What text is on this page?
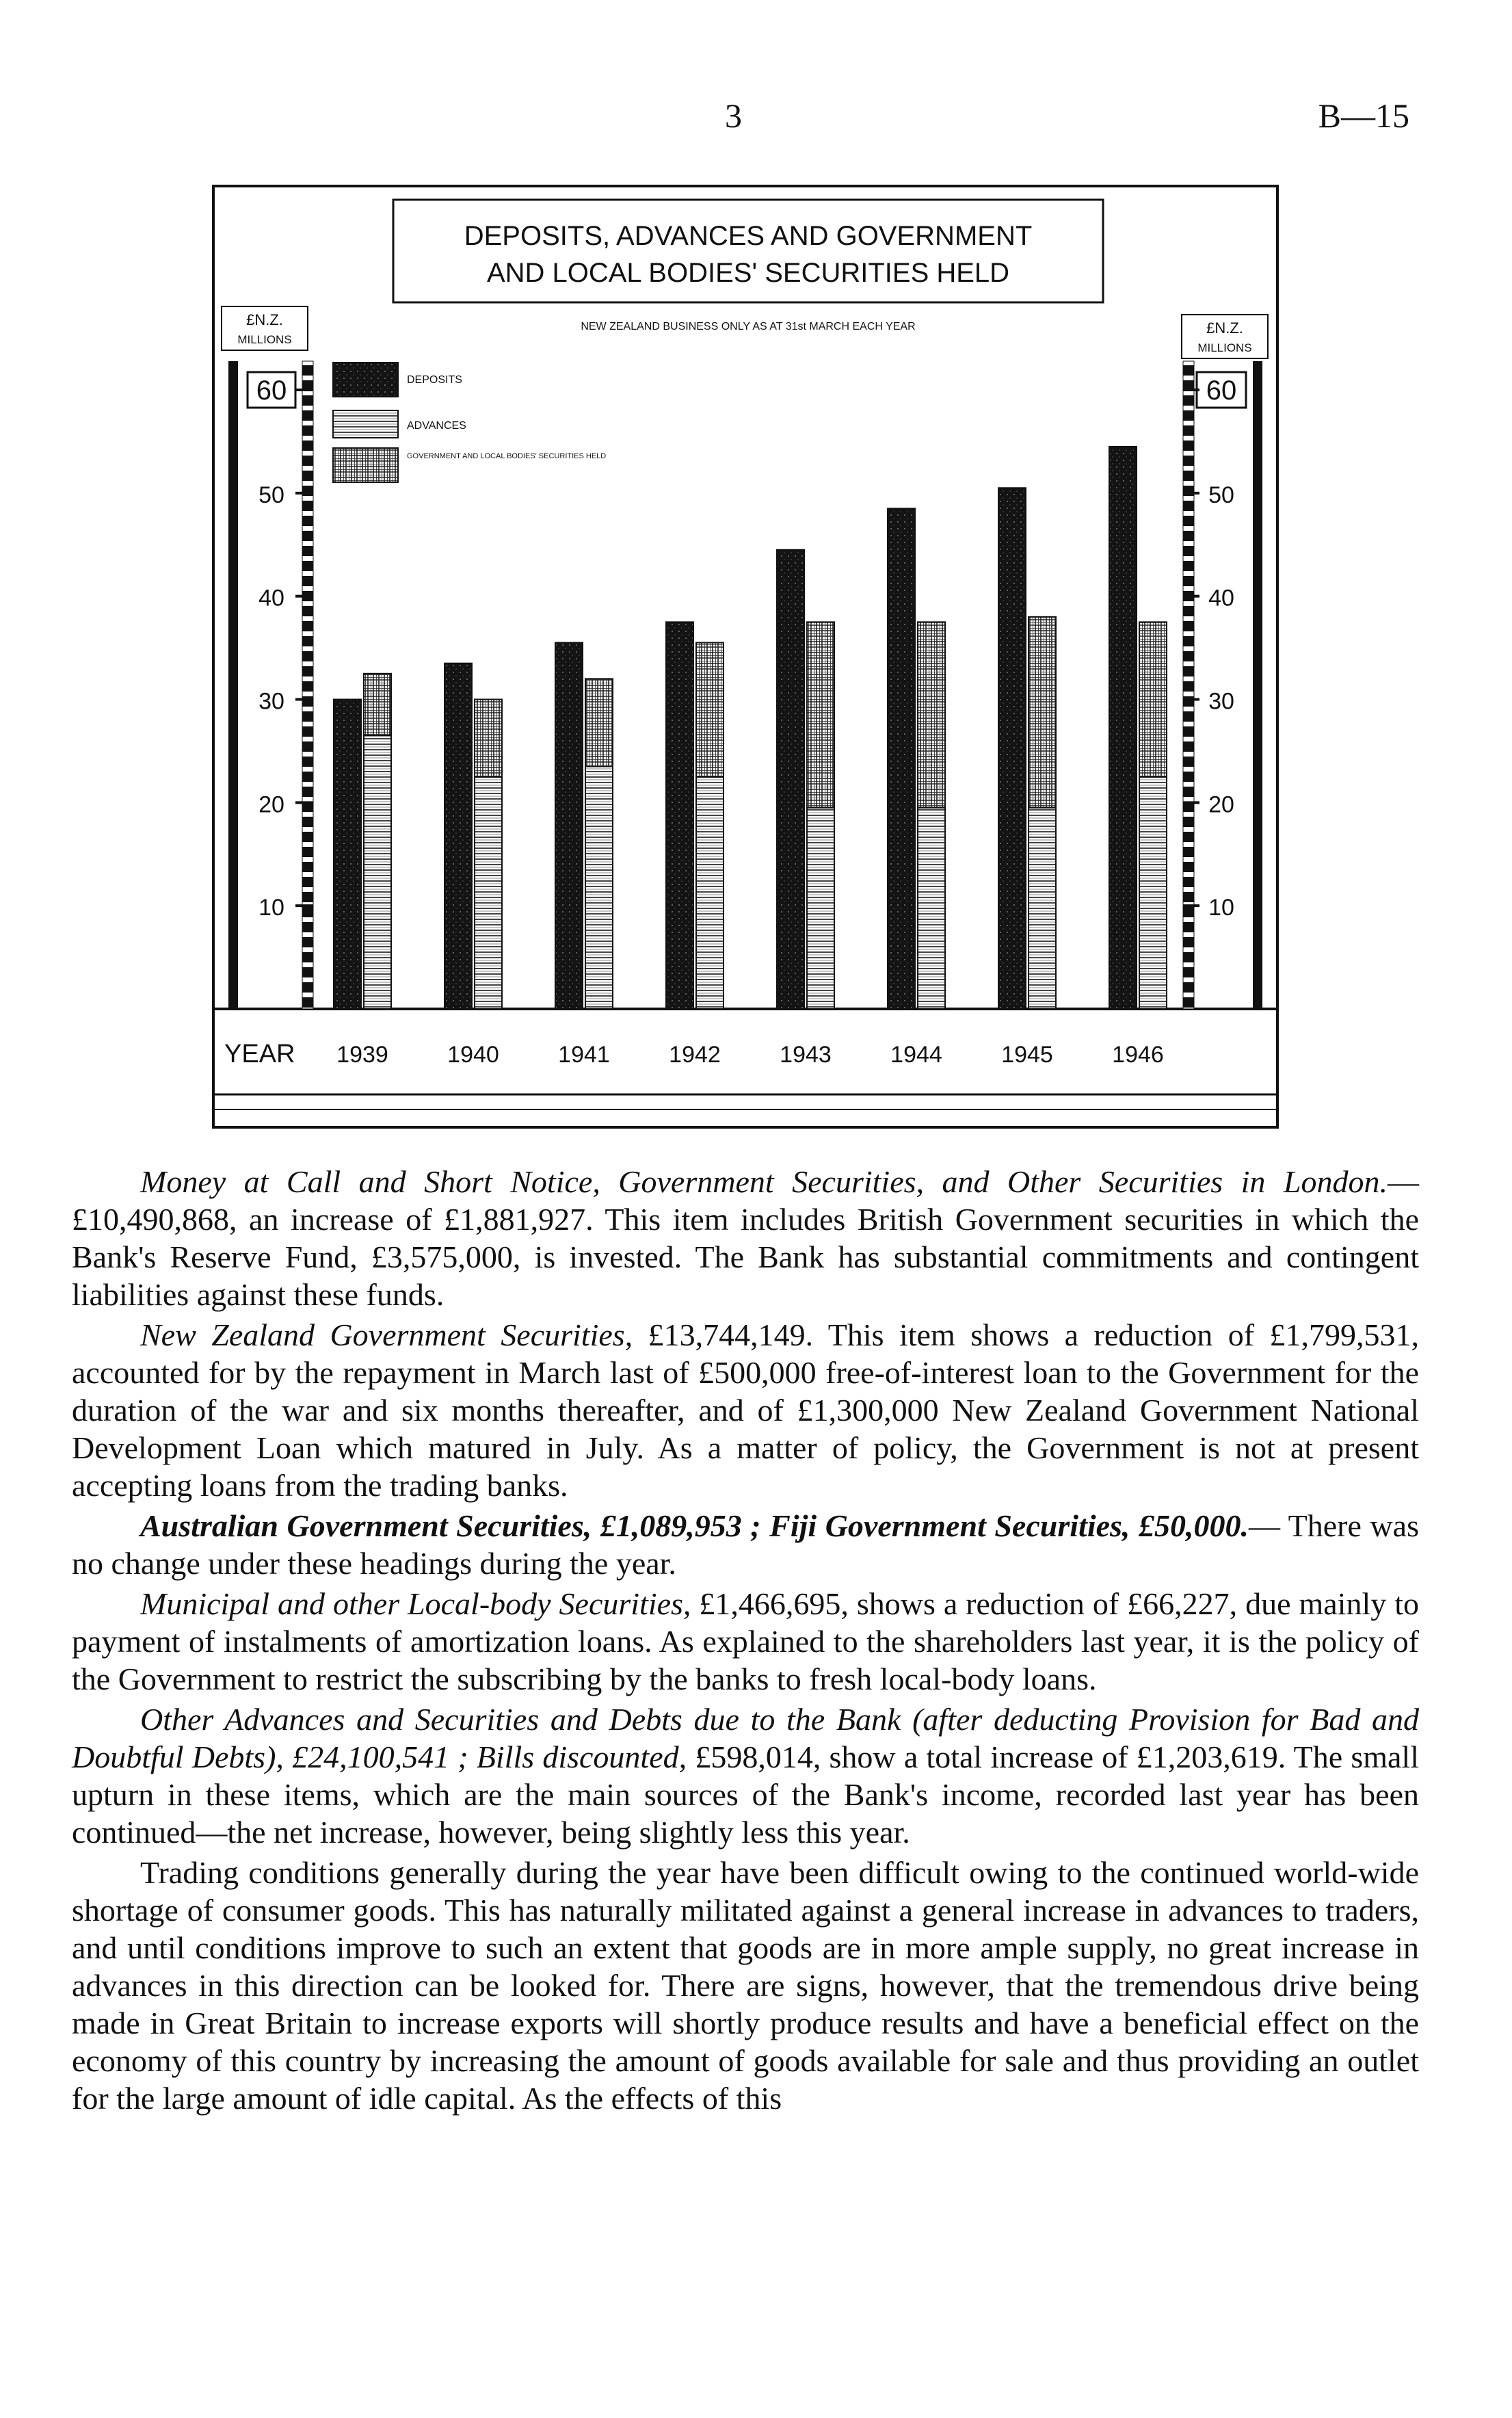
3	B—15
DEPOSITS, ADVANCES AND GOVERNMENT
AND LOCAL BODIES' SECURITIES HELD
NEW ZEALAND BUSINESS ONLY AS AT 31st MARCH EACH YEAR
DEPOSITS
ADVANCES
GOVERNMENT AND LOCAL BODIES' SECURITIES HELD
£N.Z.
MILLIONS
£N.Z.
MILLIONS
10
20
30
40
50
60
10
20
30
40
50
60
YEAR 1939	1940	1941	1942	1943	1944	1945	1946

Money at Call and Short Notice, Government Securities, and Other Securities in London.—£10,490,868, an increase of £1,881,927. This item includes British Government securities in which the Bank's Reserve Fund, £3,575,000, is invested. The Bank has substantial commitments and contingent liabilities against these funds.

New Zealand Government Securities, £13,744,149. This item shows a reduction of £1,799,531, accounted for by the repayment in March last of £500,000 free-of-interest loan to the Government for the duration of the war and six months thereafter, and of £1,300,000 New Zealand Government National Development Loan which matured in July. As a matter of policy, the Government is not at present accepting loans from the trading banks.

Australian Government Securities, £1,089,953 ; Fiji Government Securities, £50,000.— There was no change under these headings during the year.

Municipal and other Local-body Securities, £1,466,695, shows a reduction of £66,227, due mainly to payment of instalments of amortization loans. As explained to the shareholders last year, it is the policy of the Government to restrict the subscribing by the banks to fresh local-body loans.

Other Advances and Securities and Debts due to the Bank (after deducting Provision for Bad and Doubtful Debts), £24,100,541 ; Bills discounted, £598,014, show a total increase of £1,203,619. The small upturn in these items, which are the main sources of the Bank's income, recorded last year has been continued—the net increase, however, being slightly less this year.

Trading conditions generally during the year have been difficult owing to the continued world-wide shortage of consumer goods. This has naturally militated against a general increase in advances to traders, and until conditions improve to such an extent that goods are in more ample supply, no great increase in advances in this direction can be looked for. There are signs, however, that the tremendous drive being made in Great Britain to increase exports will shortly produce results and have a beneficial effect on the economy of this country by increasing the amount of goods available for sale and thus providing an outlet for the large amount of idle capital. As the effects of this
